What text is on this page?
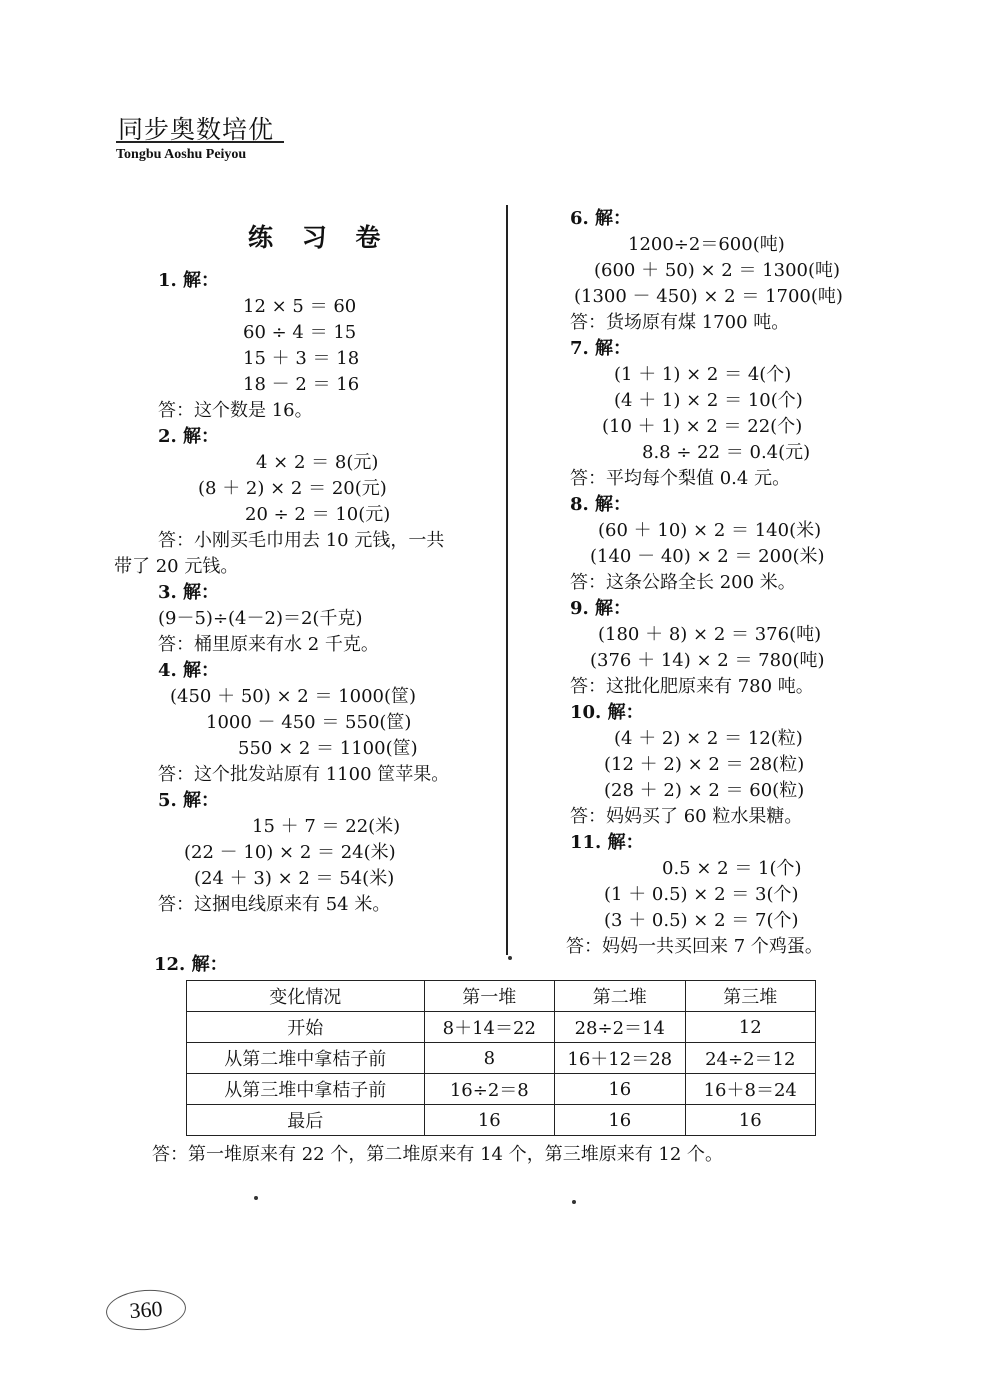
同步奥数培优
Tongbu Aoshu Peiyou
练 习 卷
1. 解：
12 × 5 ＝ 60
60 ÷ 4 ＝ 15
15 ＋ 3 ＝ 18
18 － 2 ＝ 16
答：这个数是 16。
2. 解：
4 × 2 ＝ 8(元)
(8 ＋ 2) × 2 ＝ 20(元)
20 ÷ 2 ＝ 10(元)
答：小刚买毛巾用去 10 元钱，一共
带了 20 元钱。
3. 解：
(9－5)÷(4－2)＝2(千克)
答：桶里原来有水 2 千克。
4. 解：
(450 ＋ 50) × 2 ＝ 1000(筐)
1000 － 450 ＝ 550(筐)
550 × 2 ＝ 1100(筐)
答：这个批发站原有 1100 筐苹果。
5. 解：
15 ＋ 7 ＝ 22(米)
(22 － 10) × 2 ＝ 24(米)
(24 ＋ 3) × 2 ＝ 54(米)
答：这捆电线原来有 54 米。
6. 解：
1200÷2＝600(吨)
(600 ＋ 50) × 2 ＝ 1300(吨)
(1300 － 450) × 2 ＝ 1700(吨)
答：货场原有煤 1700 吨。
7. 解：
(1 ＋ 1) × 2 ＝ 4(个)
(4 ＋ 1) × 2 ＝ 10(个)
(10 ＋ 1) × 2 ＝ 22(个)
8.8 ÷ 22 ＝ 0.4(元)
答：平均每个梨值 0.4 元。
8. 解：
(60 ＋ 10) × 2 ＝ 140(米)
(140 － 40) × 2 ＝ 200(米)
答：这条公路全长 200 米。
9. 解：
(180 ＋ 8) × 2 ＝ 376(吨)
(376 ＋ 14) × 2 ＝ 780(吨)
答：这批化肥原来有 780 吨。
10. 解：
(4 ＋ 2) × 2 ＝ 12(粒)
(12 ＋ 2) × 2 ＝ 28(粒)
(28 ＋ 2) × 2 ＝ 60(粒)
答：妈妈买了 60 粒水果糖。
11. 解：
0.5 × 2 ＝ 1(个)
(1 ＋ 0.5) × 2 ＝ 3(个)
(3 ＋ 0.5) × 2 ＝ 7(个)
答：妈妈一共买回来 7 个鸡蛋。
12. 解：
变化情况	第一堆	第二堆	第三堆
开始	8＋14＝22	28÷2＝14	12
从第二堆中拿桔子前	8	16＋12＝28	24÷2＝12
从第三堆中拿桔子前	16÷2＝8	16	16＋8＝24
最后	16	16	16
答：第一堆原来有 22 个，第二堆原来有 14 个，第三堆原来有 12 个。
360
